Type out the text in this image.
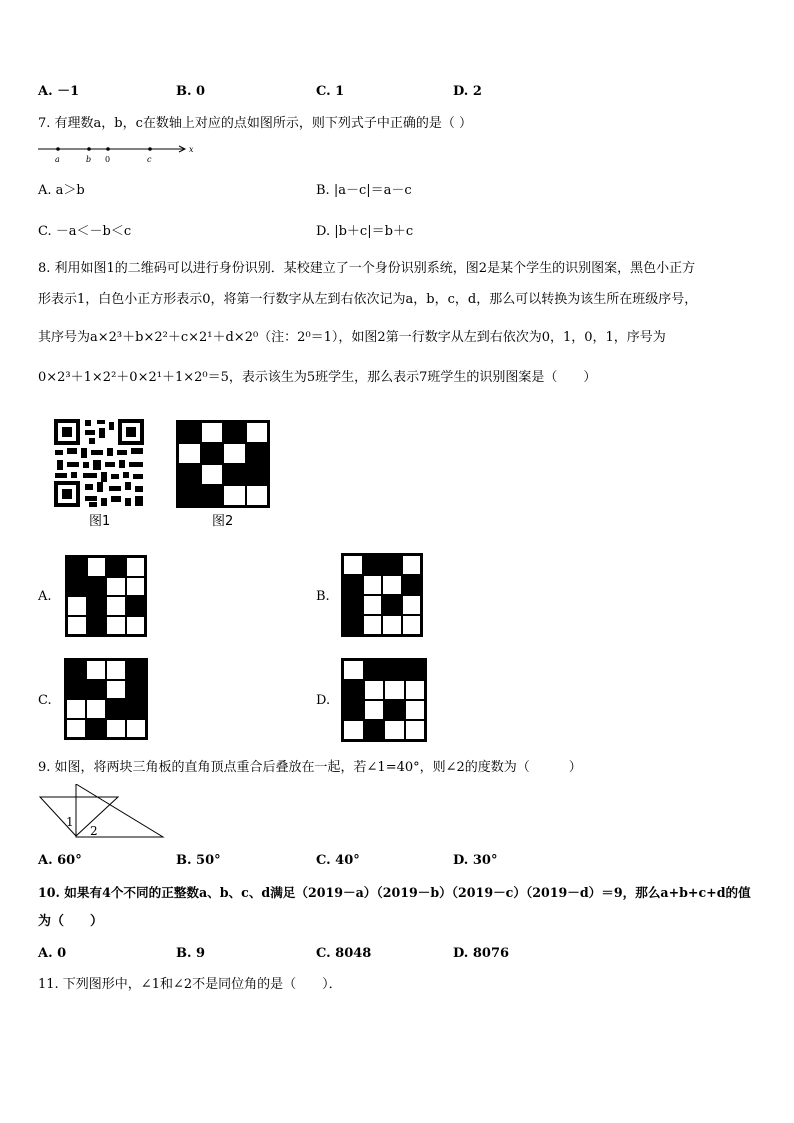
A. －1	B. 0	C. 1	D. 2
7. 有理数a，b，c在数轴上对应的点如图所示，则下列式子中正确的是（ ）
a	b 0	c
x
A. a＞b	B. |a－c|＝a－c
C. －a＜－b＜c	D. |b＋c|＝b＋c
8. 利用如图1的二维码可以进行身份识别．某校建立了一个身份识别系统，图2是某个学生的识别图案，黑色小正方
形表示1，白色小正方形表示0，将第一行数字从左到右依次记为a，b，c，d，那么可以转换为该生所在班级序号，
其序号为a×2³＋b×2²＋c×2¹＋d×2⁰（注：2⁰＝1），如图2第一行数字从左到右依次为0，1，0，1，序号为
0×2³＋1×2²＋0×2¹＋1×2⁰＝5，表示该生为5班学生，那么表示7班学生的识别图案是（　　）
图1	图2
A.	B.
C.	D.
9. 如图，将两块三角板的直角顶点重合后叠放在一起，若∠1=40°，则∠2的度数为（　　　）
1
2
A. 60°	B. 50°	C. 40°	D. 30°
10. 如果有4个不同的正整数a、b、c、d满足（2019－a）（2019－b）（2019－c）（2019－d）＝9，那么a+b+c+d的值
为（　　）
A. 0	B. 9	C. 8048	D. 8076
11. 下列图形中，∠1和∠2不是同位角的是（　　）．
